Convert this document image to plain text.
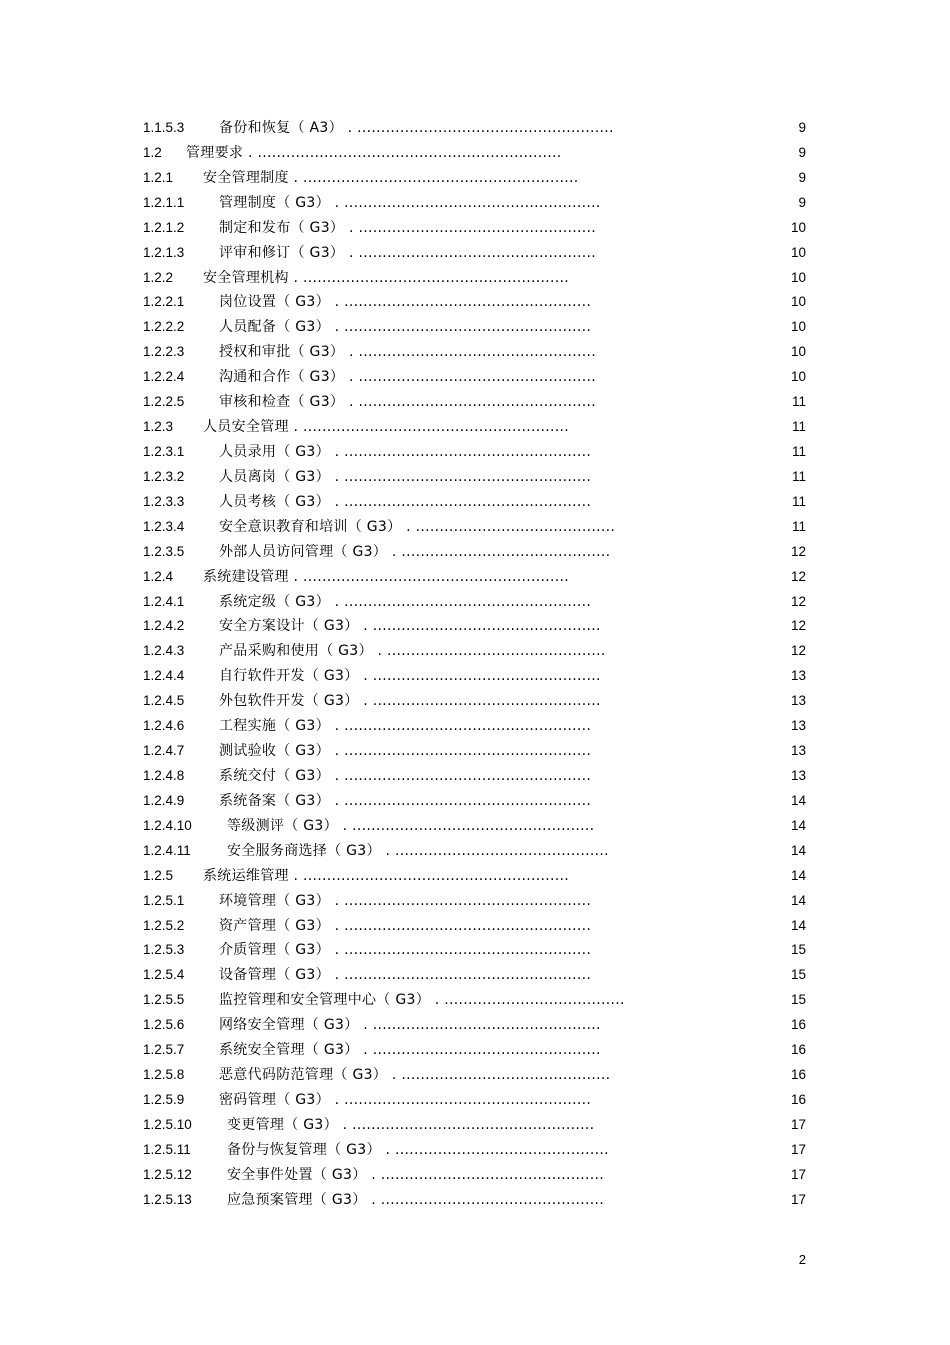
1.1.5.3 备份和恢复（ A3） . ......................................................	9
1.2 管理要求 . ................................................................	9
1.2.1 安全管理制度 . ..........................................................	9
1.2.1.1 管理制度（ G3） . ......................................................	9
1.2.1.2 制定和发布（ G3） . ..................................................	10
1.2.1.3 评审和修订（ G3） . ..................................................	10
1.2.2 安全管理机构 . ........................................................	10
1.2.2.1 岗位设置（ G3） . ....................................................	10
1.2.2.2 人员配备（ G3） . ....................................................	10
1.2.2.3 授权和审批（ G3） . ..................................................	10
1.2.2.4 沟通和合作（ G3） . ..................................................	10
1.2.2.5 审核和检查（ G3） . ..................................................	11
1.2.3 人员安全管理 . ........................................................	11
1.2.3.1 人员录用（ G3） . ....................................................	11
1.2.3.2 人员离岗（ G3） . ....................................................	11
1.2.3.3 人员考核（ G3） . ....................................................	11
1.2.3.4 安全意识教育和培训（ G3） . ..........................................	11
1.2.3.5 外部人员访问管理（ G3） . ............................................	12
1.2.4 系统建设管理 . ........................................................	12
1.2.4.1 系统定级（ G3） . ....................................................	12
1.2.4.2 安全方案设计（ G3） . ................................................	12
1.2.4.3 产品采购和使用（ G3） . ..............................................	12
1.2.4.4 自行软件开发（ G3） . ................................................	13
1.2.4.5 外包软件开发（ G3） . ................................................	13
1.2.4.6 工程实施（ G3） . ....................................................	13
1.2.4.7 测试验收（ G3） . ....................................................	13
1.2.4.8 系统交付（ G3） . ....................................................	13
1.2.4.9 系统备案（ G3） . ....................................................	14
1.2.4.10	等级测评（ G3） . ...................................................	14
1.2.4.11	安全服务商选择（ G3） . .............................................	14
1.2.5 系统运维管理 . ........................................................	14
1.2.5.1 环境管理（ G3） . ....................................................	14
1.2.5.2 资产管理（ G3） . ....................................................	14
1.2.5.3 介质管理（ G3） . ....................................................	15
1.2.5.4 设备管理（ G3） . ....................................................	15
1.2.5.5 监控管理和安全管理中心（ G3） . ......................................	15
1.2.5.6 网络安全管理（ G3） . ................................................	16
1.2.5.7 系统安全管理（ G3） . ................................................	16
1.2.5.8 恶意代码防范管理（ G3） . ............................................	16
1.2.5.9 密码管理（ G3） . ....................................................	16
1.2.5.10	变更管理（ G3） . ...................................................	17
1.2.5.11	备份与恢复管理（ G3） . .............................................	17
1.2.5.12	安全事件处置（ G3） . ...............................................	17
1.2.5.13	应急预案管理（ G3） . ...............................................	17
2
